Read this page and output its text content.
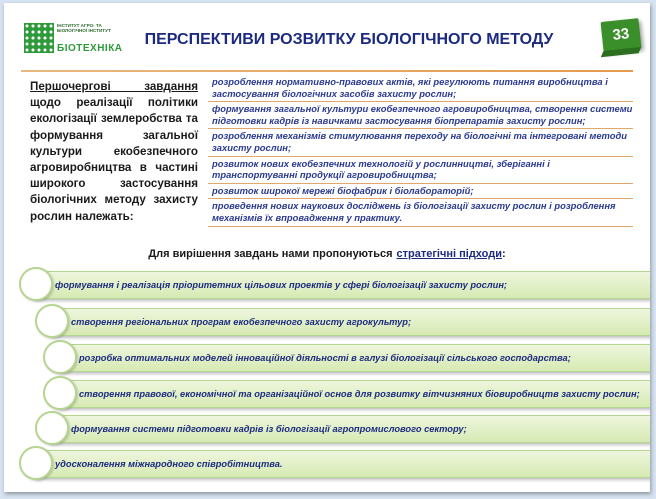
ІНСТИТУТ АГРО- ТА БІОЛОГІЧНОЇ ІНСТИТУТ
БІОТЕХНІКА
ПЕРСПЕКТИВИ РОЗВИТКУ БІОЛОГІЧНОГО МЕТОДУ	33
Першочергові завдання щодо реалізації політики екологізації землеробства та формування загальної культури екобезпечного агровиробництва в частині широкого застосування біологічних методу захисту рослин належать:
розроблення нормативно-правових актів, які регулюють питання виробництва і застосування біологічних засобів захисту рослин;
формування загальної культури екобезпечного агровиробництва, створення системи підготовки кадрів із навичками застосування біопрепаратів захисту рослин;
розроблення механізмів стимулювання переходу на біологічні та інтегровані методи захисту рослин;
розвиток нових екобезпечних технологій у рослинництві, зберіганні і транспортуванні продукції агровиробництва;
розвиток широкої мережі біофабрик і біолабораторій;
проведення нових наукових досліджень із біологізації захисту рослин і розроблення механізмів їх впровадження у практику.
Для вирішення завдань нами пропонуються стратегічні підходи:
формування і реалізація пріоритетних цільових проектів у сфері біологізації захисту рослин;
створення регіональних програм екобезпечного захисту агрокультур;
розробка оптимальних моделей інноваційної діяльності в галузі біологізації сільського господарства;
створення правової, економічної та організаційної основ для розвитку вітчизняних біовиробництв захисту рослин;
формування системи підготовки кадрів із біологізації агропромислового сектору;
удосконалення міжнародного співробітництва.
